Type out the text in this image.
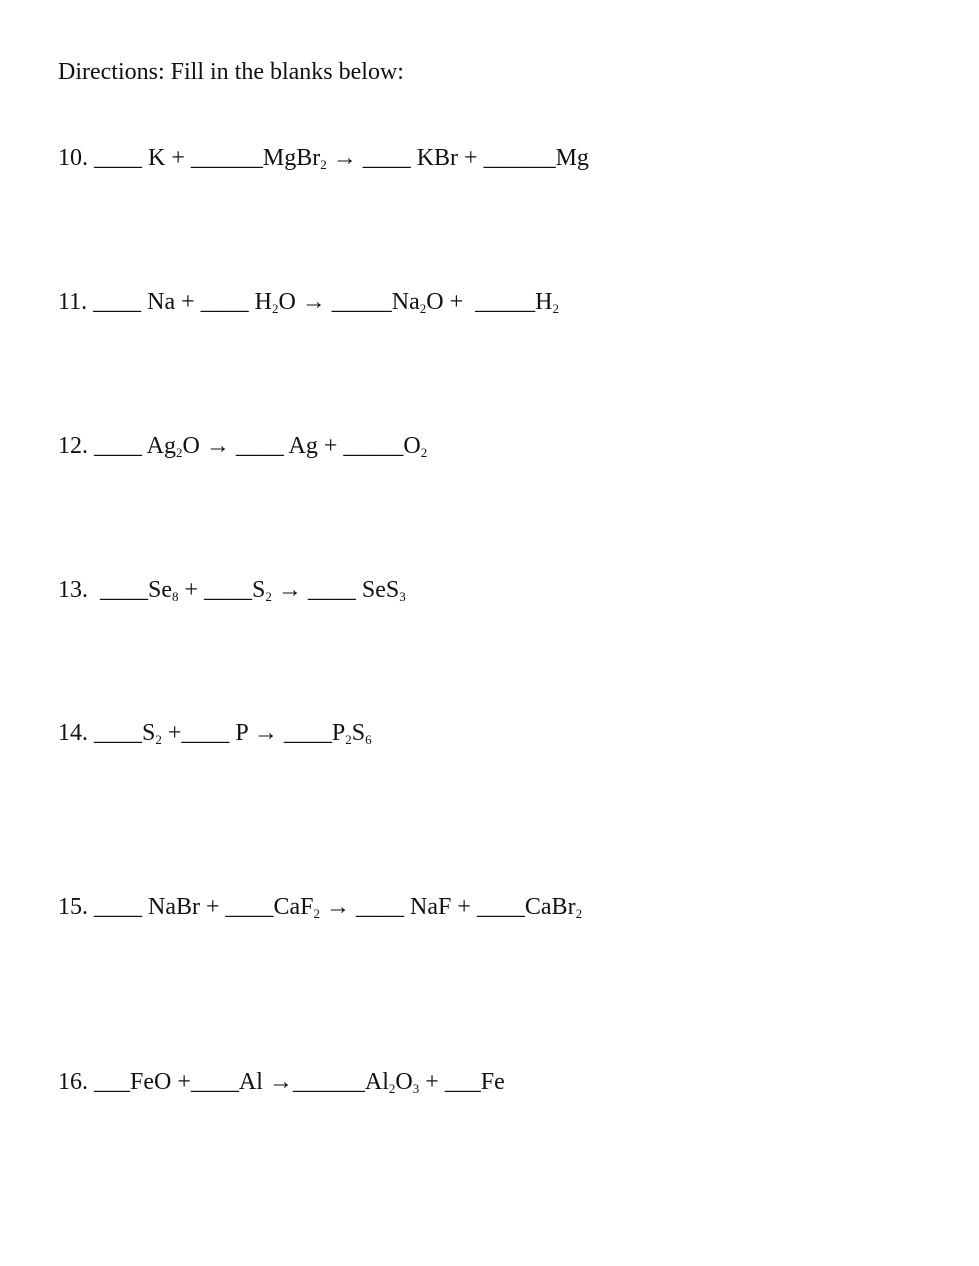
Directions: Fill in the blanks below:
10. ____ K + ______MgBr$_2$ → ____ KBr + ______Mg
11. ____ Na + ____ $H_2O$ → $\_\_\_\_\_Na_2O$ +  $\_\_\_\_\_H_2$
12. ____ $Ag_2O$ → ____ $Ag + \_\_\_\_\_O_2$
13.  $\_\_\_\_Se_8$ + $\_\_\_\_S_2$ → ____ SeS$_3$
14. $\_\_\_\_S_2$ +____ $P \to \_\_\_\_P_2S_6$
15. ____ NaBr + ____CaF$_2$ → ____ NaF + ____CaBr$_2$
16. ___FeO +____Al $\to\_\_\_\_\_\_Al_2O_3$ + ___Fe
